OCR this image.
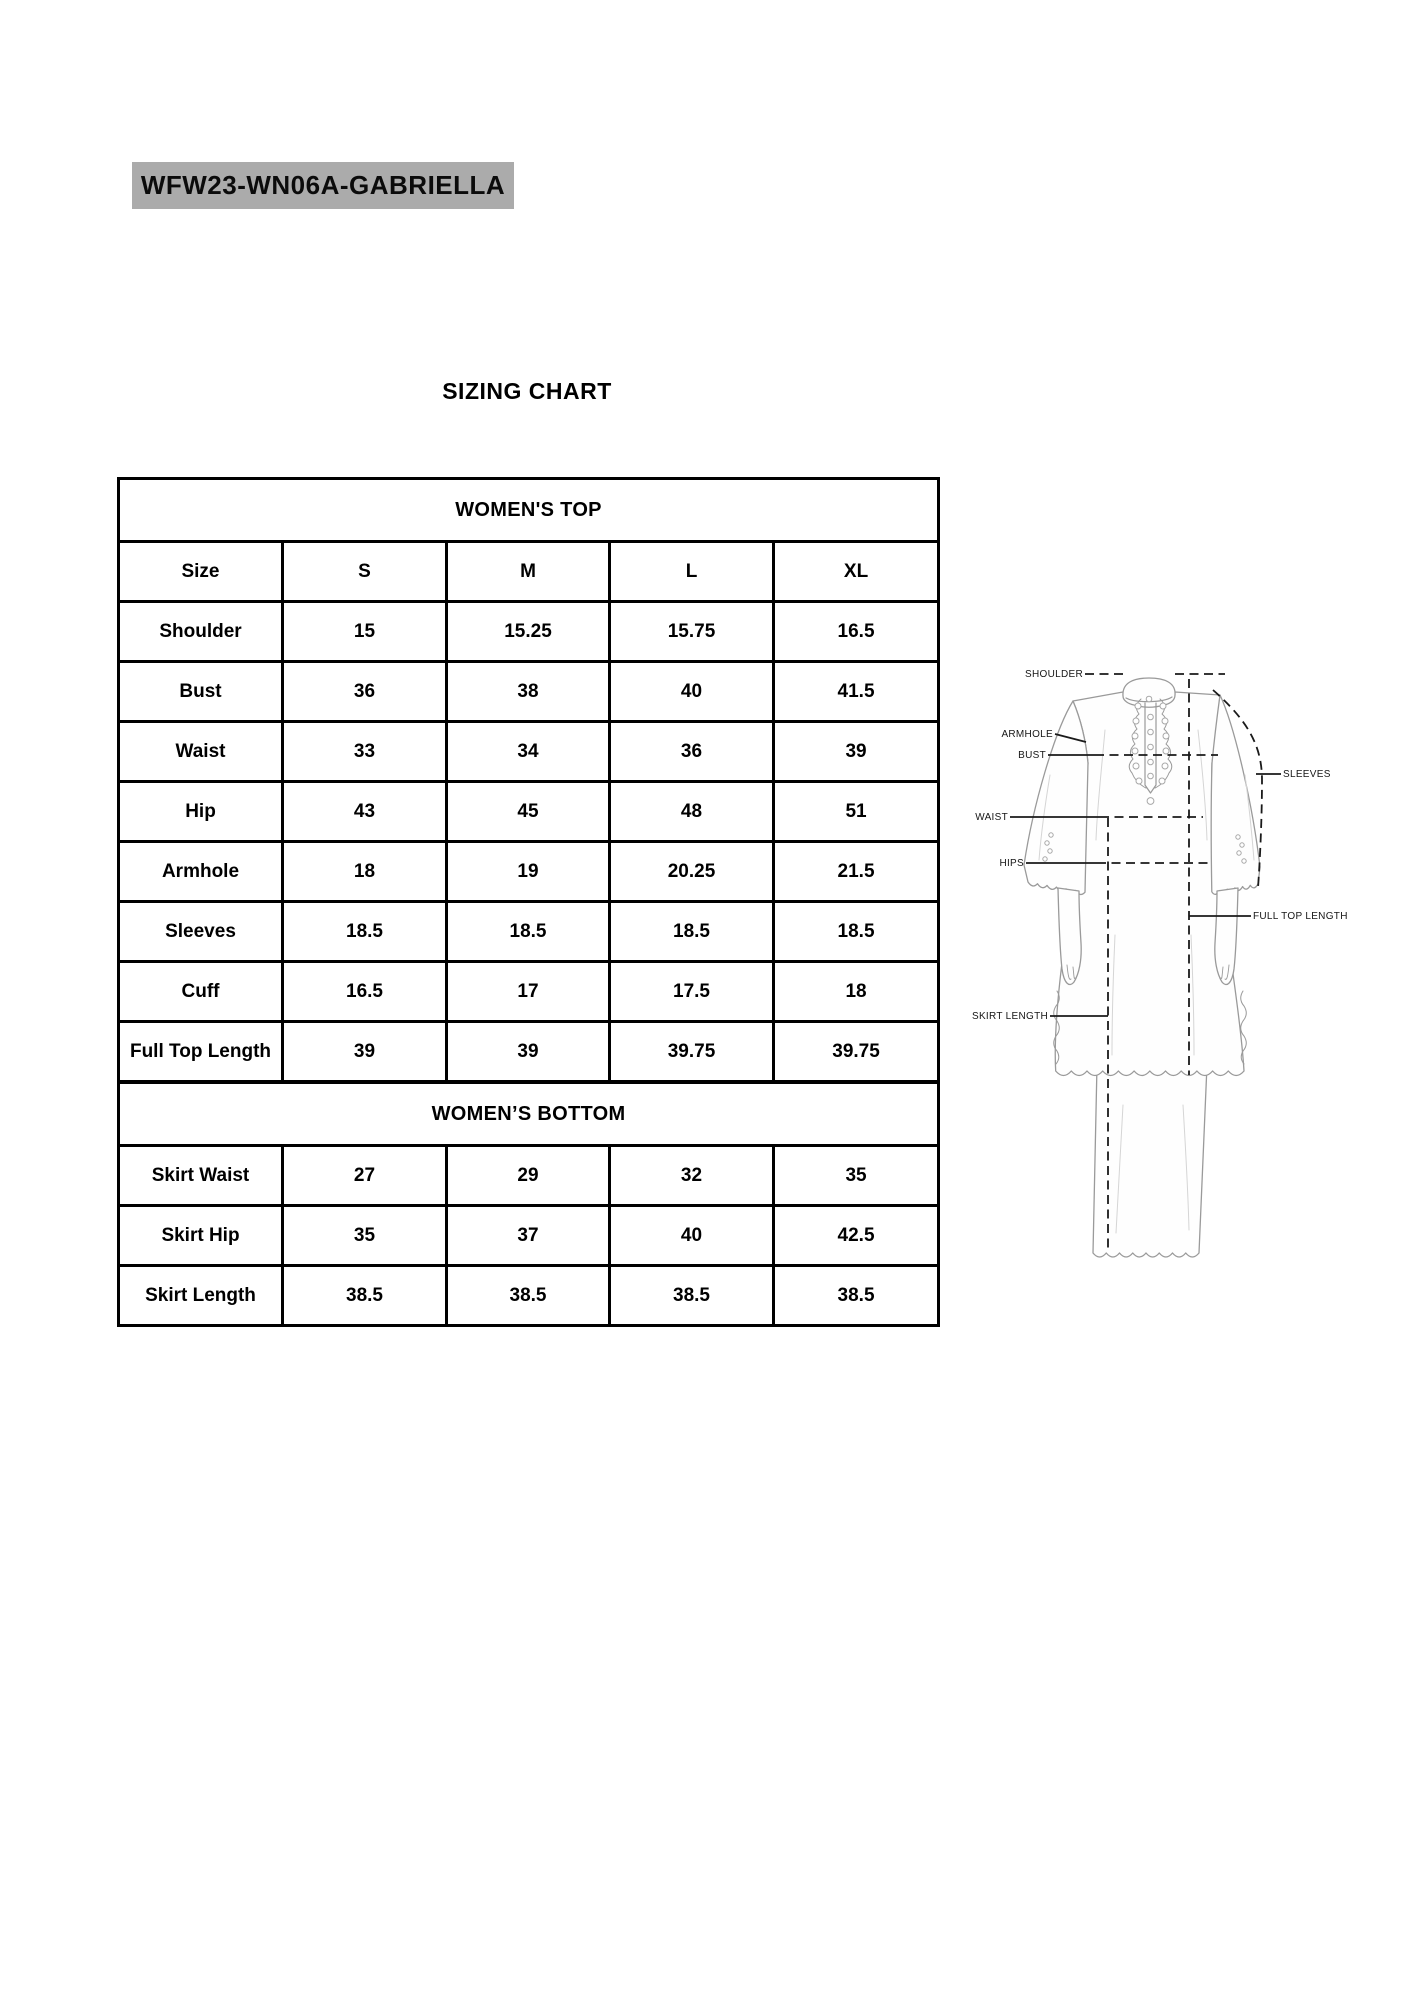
WFW23-WN06A-GABRIELLA
SIZING CHART
WOMEN'S TOP				
Size	S	M	L	XL
Shoulder	15	15.25	15.75	16.5
Bust	36	38	40	41.5
Waist	33	34	36	39
Hip	43	45	48	51
Armhole	18	19	20.25	21.5
Sleeves	18.5	18.5	18.5	18.5
Cuff	16.5	17	17.5	18
Full Top Length	39	39	39.75	39.75
WOMEN’S BOTTOM				
Skirt Waist	27	29	32	35
Skirt Hip	35	37	40	42.5
Skirt Length	38.5	38.5	38.5	38.5
SHOULDER
ARMHOLE
BUST
WAIST
HIPS
SLEEVES
FULL TOP LENGTH
SKIRT LENGTH
